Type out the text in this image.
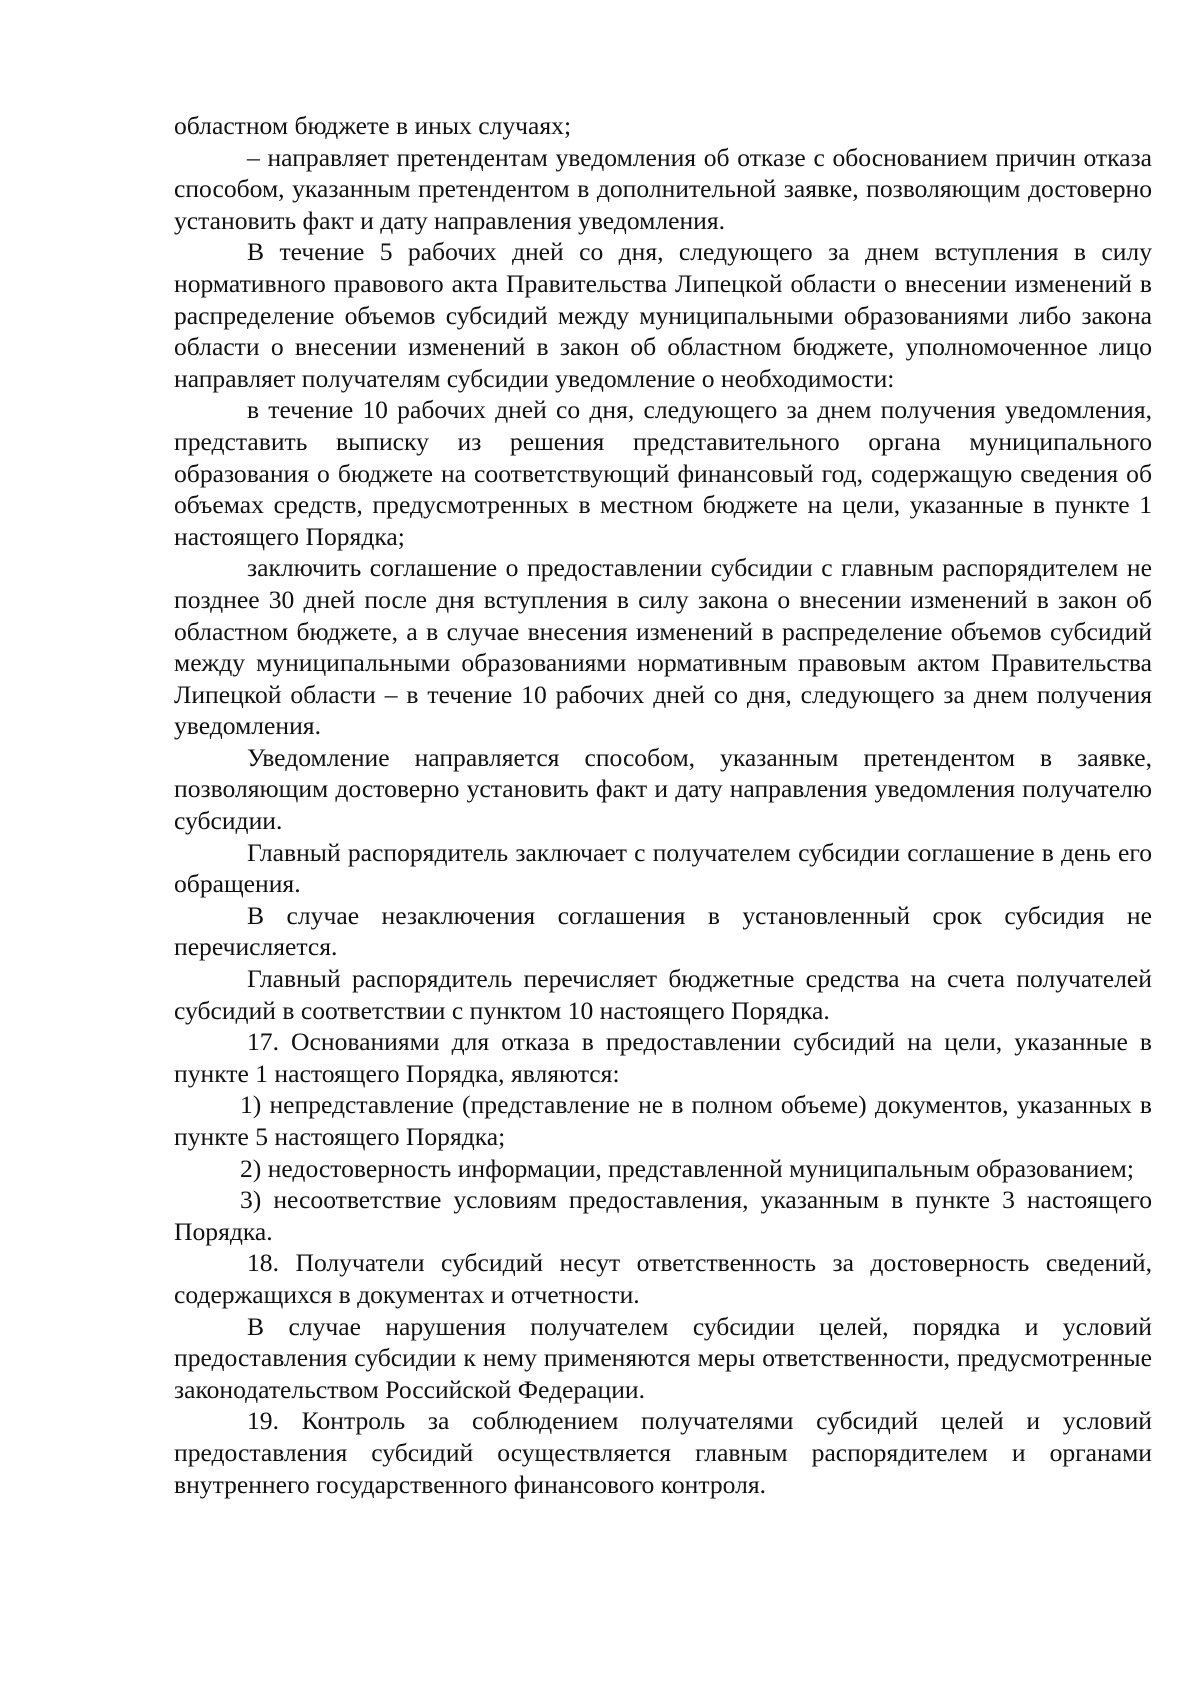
областном бюджете в иных случаях;

– направляет претендентам уведомления об отказе с обоснованием причин отказа способом, указанным претендентом в дополнительной заявке, позволяющим достоверно установить факт и дату направления уведомления.

В течение 5 рабочих дней со дня, следующего за днем вступления в силу нормативного правового акта Правительства Липецкой области о внесении изменений в распределение объемов субсидий между муниципальными образованиями либо закона области о внесении изменений в закон об областном бюджете, уполномоченное лицо направляет получателям субсидии уведомление о необходимости:

в течение 10 рабочих дней со дня, следующего за днем получения уведомления, представить выписку из решения представительного органа муниципального образования о бюджете на соответствующий финансовый год, содержащую сведения об объемах средств, предусмотренных в местном бюджете на цели, указанные в пункте 1 настоящего Порядка;

заключить соглашение о предоставлении субсидии с главным распорядителем не позднее 30 дней после дня вступления в силу закона о внесении изменений в закон об областном бюджете, а в случае внесения изменений в распределение объемов субсидий между муниципальными образованиями нормативным правовым актом Правительства Липецкой области – в течение 10 рабочих дней со дня, следующего за днем получения уведомления.

Уведомление направляется способом, указанным претендентом в заявке, позволяющим достоверно установить факт и дату направления уведомления получателю субсидии.

Главный распорядитель заключает с получателем субсидии соглашение в день его обращения.

В случае незаключения соглашения в установленный срок субсидия не перечисляется.

Главный распорядитель перечисляет бюджетные средства на счета получателей субсидий в соответствии с пунктом 10 настоящего Порядка.

17. Основаниями для отказа в предоставлении субсидий на цели, указанные в пункте 1 настоящего Порядка, являются:

1) непредставление (представление не в полном объеме) документов, указанных в пункте 5 настоящего Порядка;

2) недостоверность информации, представленной муниципальным образованием;

3) несоответствие условиям предоставления, указанным в пункте 3 настоящего Порядка.

18. Получатели субсидий несут ответственность за достоверность сведений, содержащихся в документах и отчетности.

В случае нарушения получателем субсидии целей, порядка и условий предоставления субсидии к нему применяются меры ответственности, предусмотренные законодательством Российской Федерации.

19. Контроль за соблюдением получателями субсидий целей и условий предоставления субсидий осуществляется главным распорядителем и органами внутреннего государственного финансового контроля.
